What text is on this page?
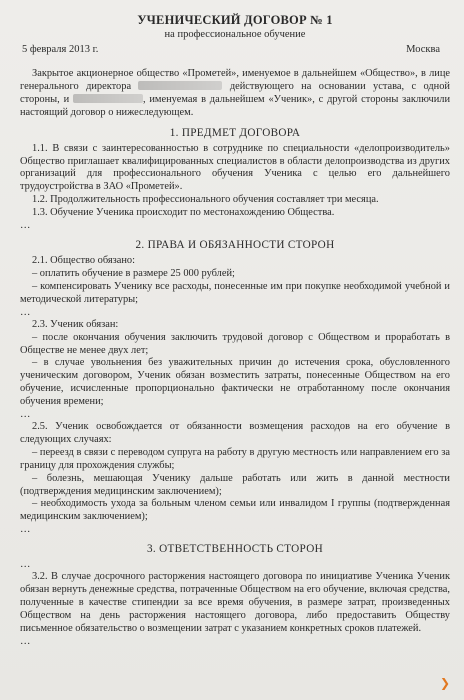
УЧЕНИЧЕСКИЙ ДОГОВОР № 1
на профессиональное обучение
5 февраля 2013 г.	Москва

Закрытое акционерное общество «Прометей», именуемое в дальнейшем «Общество», в лице генерального директора	действующего на основании устава, с одной стороны, и	, именуемая в дальнейшем «Ученик», с другой стороны заключили настоящий договор о нижеследующем.

1. ПРЕДМЕТ ДОГОВОРА

1.1. В связи с заинтересованностью в сотруднике по специальности «делопроизводитель» Общество приглашает квалифицированных специалистов в области делопроизводства из других организаций для профессионального обучения Ученика с целью его дальнейшего трудоустройства в ЗАО «Прометей».

1.2. Продолжительность профессионального обучения составляет три месяца.

1.3. Обучение Ученика происходит по местонахождению Общества.

…
2. ПРАВА И ОБЯЗАННОСТИ СТОРОН

2.1. Общество обязано:

– оплатить обучение в размере 25 000 рублей;

– компенсировать Ученику все расходы, понесенные им при покупке необходимой учебной и методической литературы;

…

2.3. Ученик обязан:

– после окончания обучения заключить трудовой договор с Обществом и проработать в Обществе не менее двух лет;

– в случае увольнения без уважительных причин до истечения срока, обусловленного ученическим договором, Ученик обязан возместить затраты, понесенные Обществом на его обучение, исчисленные пропорционально фактически не отработанному после окончания обучения времени;

…

2.5. Ученик освобождается от обязанности возмещения расходов на его обучение в следующих случаях:

– переезд в связи с переводом супруга на работу в другую местность или направлением его за границу для прохождения службы;

– болезнь, мешающая Ученику дальше работать или жить в данной местности (подтверждения медицинским заключением);

– необходимость ухода за больным членом семьи или инвалидом I группы (подтвержденная медицинским заключением);

…
3. ОТВЕТСТВЕННОСТЬ СТОРОН
…

3.2. В случае досрочного расторжения настоящего договора по инициативе Ученика Ученик обязан вернуть денежные средства, потраченные Обществом на его обучение, включая средства, полученные в качестве стипендии за все время обучения, в размере затрат, произведенных Обществом на день расторжения настоящего договора, либо предоставить Обществу письменное обязательство о возмещении затрат с указанием конкретных сроков платежей.

…
❯
